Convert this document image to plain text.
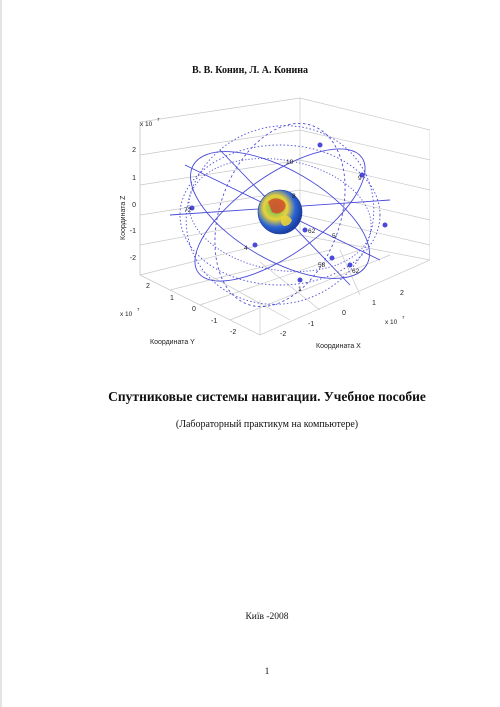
В. В. Конин, Л. А. Конина
10
9
72
8
62
4
5
58
62
1
2
1
0
-1
-2
x 10
7
Координата Z
2
1
0
-1
-2
x 10
7
Координата Y
-2
-1
0
1
2
x 10
7
Координата X
Спутниковые системы навигации. Учебное пособие
(Лабораторный практикум на компьютере)
Київ -2008
1
